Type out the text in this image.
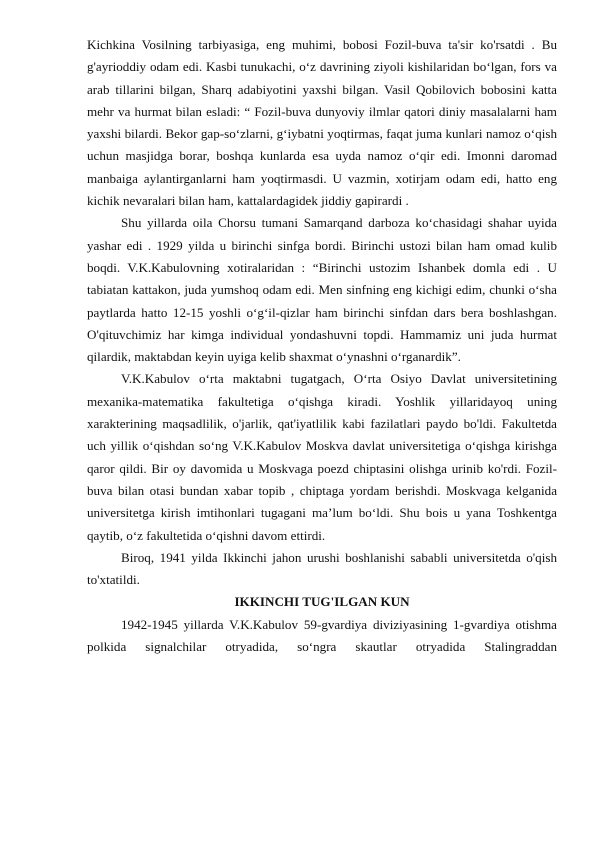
Kichkina Vosilning tarbiyasiga, eng muhimi, bobosi Fozil-buva ta'sir ko'rsatdi . Bu g'ayrioddiy odam edi. Kasbi tunukachi, o‘z davrining ziyoli kishilaridan bo‘lgan, fors va arab tillarini bilgan, Sharq adabiyotini yaxshi bilgan. Vasil Qobilovich bobosini katta mehr va hurmat bilan esladi: “ Fozil-buva dunyoviy ilmlar qatori diniy masalalarni ham yaxshi bilardi. Bekor gap-so‘zlarni, g‘iybatni yoqtirmas, faqat juma kunlari namoz o‘qish uchun masjidga borar, boshqa kunlarda esa uyda namoz o‘qir edi. Imonni daromad manbaiga aylantirganlarni ham yoqtirmasdi. U vazmin, xotirjam odam edi, hatto eng kichik nevaralari bilan ham, kattalardagidek jiddiy gapirardi .

Shu yillarda oila Chorsu tumani Samarqand darboza ko‘chasidagi shahar uyida yashar edi . 1929 yilda u birinchi sinfga bordi. Birinchi ustozi bilan ham omad kulib boqdi. V.K.Kabulovning xotiralaridan : “Birinchi ustozim Ishanbek domla edi . U tabiatan kattakon, juda yumshoq odam edi. Men sinfning eng kichigi edim, chunki o‘sha paytlarda hatto 12-15 yoshli o‘g‘il-qizlar ham birinchi sinfdan dars bera boshlashgan. O'qituvchimiz har kimga individual yondashuvni topdi. Hammamiz uni juda hurmat qilardik, maktabdan keyin uyiga kelib shaxmat o‘ynashni o‘rganardik”.

V.K.Kabulov o‘rta maktabni tugatgach, O‘rta Osiyo Davlat universitetining mexanika-matematika fakultetiga o‘qishga kiradi. Yoshlik yillaridayoq uning xarakterining maqsadlilik, o'jarlik, qat'iyatlilik kabi fazilatlari paydo bo'ldi. Fakultetda uch yillik o‘qishdan so‘ng V.K.Kabulov Moskva davlat universitetiga o‘qishga kirishga qaror qildi. Bir oy davomida u Moskvaga poezd chiptasini olishga urinib ko'rdi. Fozil-buva bilan otasi bundan xabar topib , chiptaga yordam berishdi. Moskvaga kelganida universitetga kirish imtihonlari tugagani ma’lum bo‘ldi. Shu bois u yana Toshkentga qaytib, o‘z fakultetida o‘qishni davom ettirdi.

Biroq, 1941 yilda Ikkinchi jahon urushi boshlanishi sababli universitetda o'qish to'xtatildi.

IKKINCHI TUG'ILGAN KUN

1942-1945 yillarda V.K.Kabulov 59-gvardiya diviziyasining 1-gvardiya otishma polkida signalchilar otryadida, so‘ngra skautlar otryadida Stalingraddan
